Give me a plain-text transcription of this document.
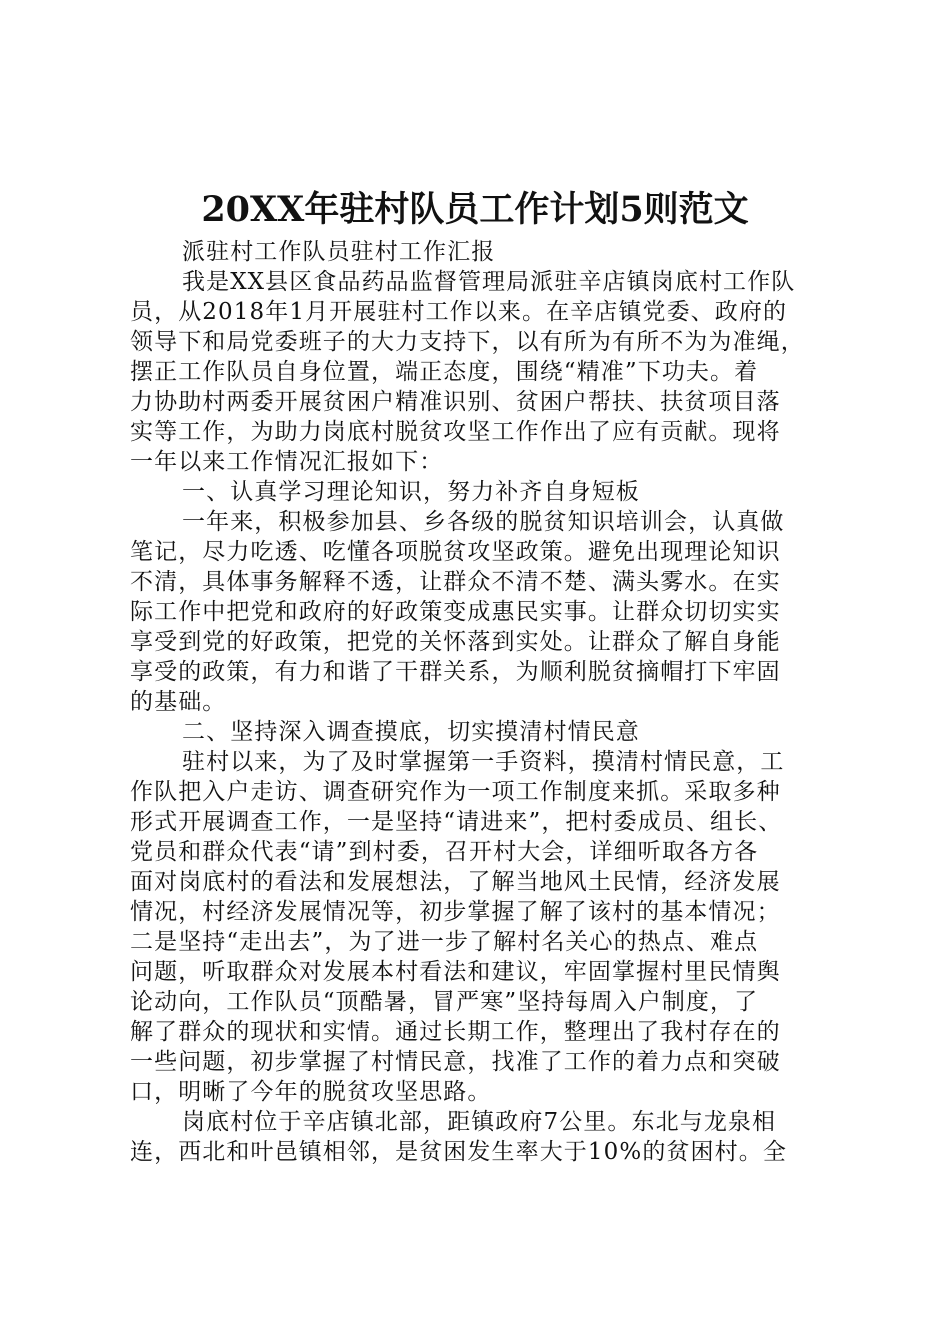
20XX年驻村队员工作计划5则范文
派驻村工作队员驻村工作汇报
我是XX县区食品药品监督管理局派驻辛店镇岗底村工作队
员，从2018年1月开展驻村工作以来。在辛店镇党委、政府的
领导下和局党委班子的大力支持下，以有所为有所不为为准绳，
摆正工作队员自身位置，端正态度，围绕“精准”下功夫。着
力协助村两委开展贫困户精准识别、贫困户帮扶、扶贫项目落
实等工作，为助力岗底村脱贫攻坚工作作出了应有贡献。现将
一年以来工作情况汇报如下：
一、认真学习理论知识，努力补齐自身短板
一年来，积极参加县、乡各级的脱贫知识培训会，认真做
笔记，尽力吃透、吃懂各项脱贫攻坚政策。避免出现理论知识
不清，具体事务解释不透，让群众不清不楚、满头雾水。在实
际工作中把党和政府的好政策变成惠民实事。让群众切切实实
享受到党的好政策，把党的关怀落到实处。让群众了解自身能
享受的政策，有力和谐了干群关系，为顺利脱贫摘帽打下牢固
的基础。
二、坚持深入调查摸底，切实摸清村情民意
驻村以来，为了及时掌握第一手资料，摸清村情民意，工
作队把入户走访、调查研究作为一项工作制度来抓。采取多种
形式开展调查工作，一是坚持“请进来”，把村委成员、组长、
党员和群众代表“请”到村委，召开村大会，详细听取各方各
面对岗底村的看法和发展想法，了解当地风土民情，经济发展
情况，村经济发展情况等，初步掌握了解了该村的基本情况；
二是坚持“走出去”，为了进一步了解村名关心的热点、难点
问题，听取群众对发展本村看法和建议，牢固掌握村里民情舆
论动向，工作队员“顶酷暑，冒严寒”坚持每周入户制度，了
解了群众的现状和实情。通过长期工作，整理出了我村存在的
一些问题，初步掌握了村情民意，找准了工作的着力点和突破
口，明晰了今年的脱贫攻坚思路。
岗底村位于辛店镇北部，距镇政府7公里。东北与龙泉相
连，西北和叶邑镇相邻，是贫困发生率大于10%的贫困村。全
